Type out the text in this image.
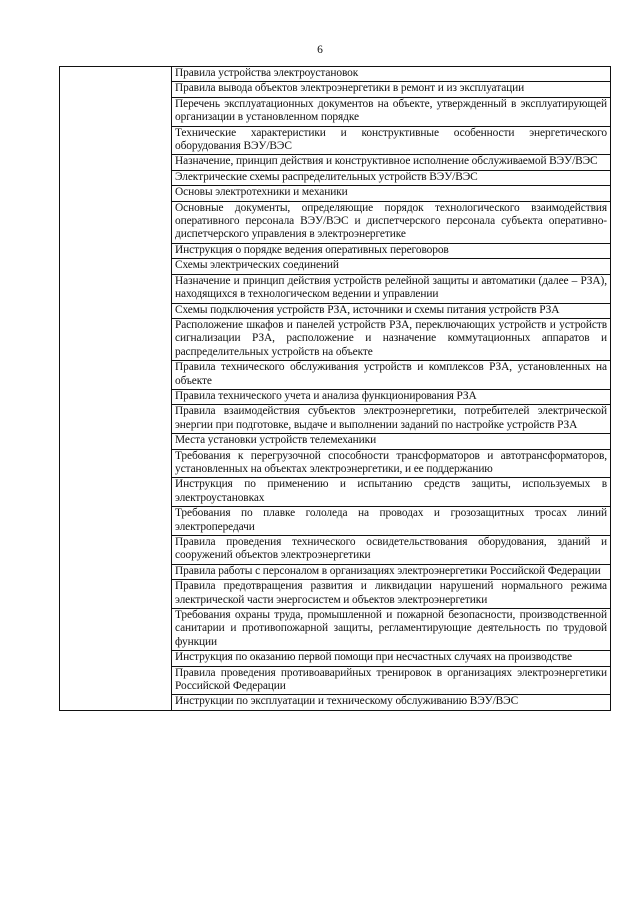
6

Правила устройства электроустановок

Правила вывода объектов электроэнергетики в ремонт и из эксплуатации

Перечень эксплуатационных документов на объекте, утвержденный в эксплуатирующей организации в установленном порядке

Технические характеристики и конструктивные особенности энергетического оборудования ВЭУ/ВЭС

Назначение, принцип действия и конструктивное исполнение обслуживаемой ВЭУ/ВЭС

Электрические схемы распределительных устройств ВЭУ/ВЭС

Основы электротехники и механики

Основные документы, определяющие порядок технологического взаимодействия оперативного персонала ВЭУ/ВЭС и диспетчерского персонала субъекта оперативно-диспетчерского управления в электроэнергетике

Инструкция о порядке ведения оперативных переговоров

Схемы электрических соединений

Назначение и принцип действия устройств релейной защиты и автоматики (далее – РЗА), находящихся в технологическом ведении и управлении

Схемы подключения устройств РЗА, источники и схемы питания устройств РЗА

Расположение шкафов и панелей устройств РЗА, переключающих устройств и устройств сигнализации РЗА, расположение и назначение коммутационных аппаратов и распределительных устройств на объекте

Правила технического обслуживания устройств и комплексов РЗА, установленных на объекте

Правила технического учета и анализа функционирования РЗА

Правила взаимодействия субъектов электроэнергетики, потребителей электрической энергии при подготовке, выдаче и выполнении заданий по настройке устройств РЗА

Места установки устройств телемеханики

Требования к перегрузочной способности трансформаторов и автотрансформаторов, установленных на объектах электроэнергетики, и ее поддержанию

Инструкция по применению и испытанию средств защиты, используемых в электроустановках

Требования по плавке гололеда на проводах и грозозащитных тросах линий электропередачи

Правила проведения технического освидетельствования оборудования, зданий и сооружений объектов электроэнергетики

Правила работы с персоналом в организациях электроэнергетики Российской Федерации

Правила предотвращения развития и ликвидации нарушений нормального режима электрической части энергосистем и объектов электроэнергетики

Требования охраны труда, промышленной и пожарной безопасности, производственной санитарии и противопожарной защиты, регламентирующие деятельность по трудовой функции

Инструкция по оказанию первой помощи при несчастных случаях на производстве

Правила проведения противоаварийных тренировок в организациях электроэнергетики Российской Федерации

Инструкции по эксплуатации и техническому обслуживанию ВЭУ/ВЭС
